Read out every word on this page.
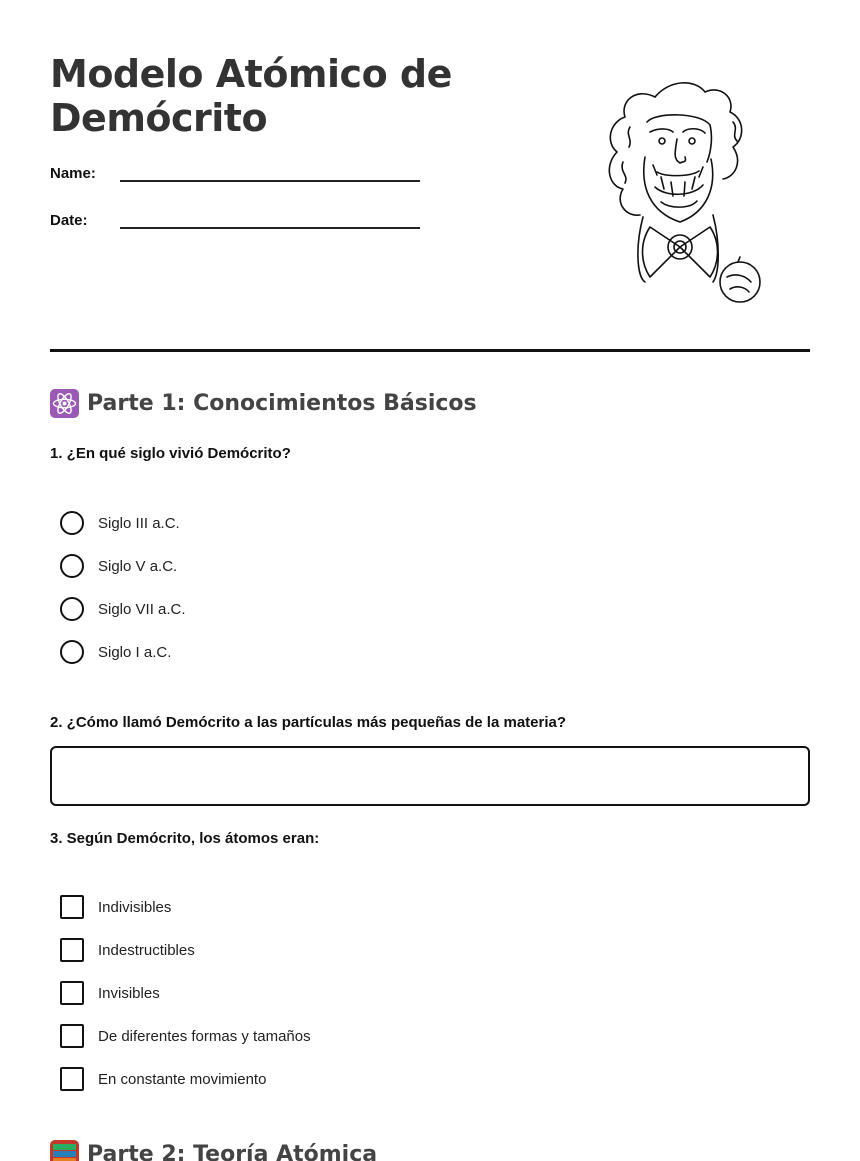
Modelo Atómico de Demócrito
Name:
Date:
Parte 1: Conocimientos Básicos
1. ¿En qué siglo vivió Demócrito?
Siglo III a.C.
Siglo V a.C.
Siglo VII a.C.
Siglo I a.C.
2. ¿Cómo llamó Demócrito a las partículas más pequeñas de la materia?
3. Según Demócrito, los átomos eran:
Indivisibles
Indestructibles
Invisibles
De diferentes formas y tamaños
En constante movimiento
Parte 2: Teoría Atómica
